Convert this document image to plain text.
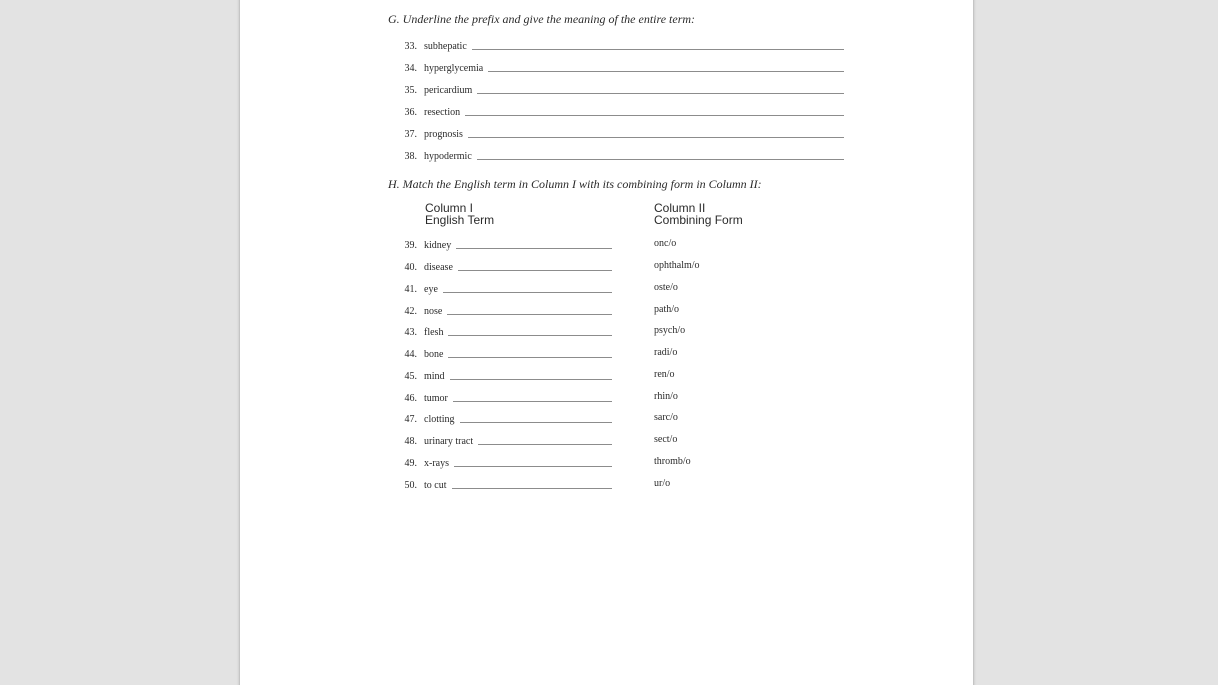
G. Underline the prefix and give the meaning of the entire term:
33. subhepatic
34. hyperglycemia
35. pericardium
36. resection
37. prognosis
38. hypodermic
H. Match the English term in Column I with its combining form in Column II:
Column I
English Term
Column II
Combining Form
39. kidney	onc/o
40. disease	ophthalm/o
41. eye	oste/o
42. nose	path/o
43. flesh	psych/o
44. bone	radi/o
45. mind	ren/o
46. tumor	rhin/o
47. clotting	sarc/o
48. urinary tract	sect/o
49. x-rays	thromb/o
50. to cut	ur/o
